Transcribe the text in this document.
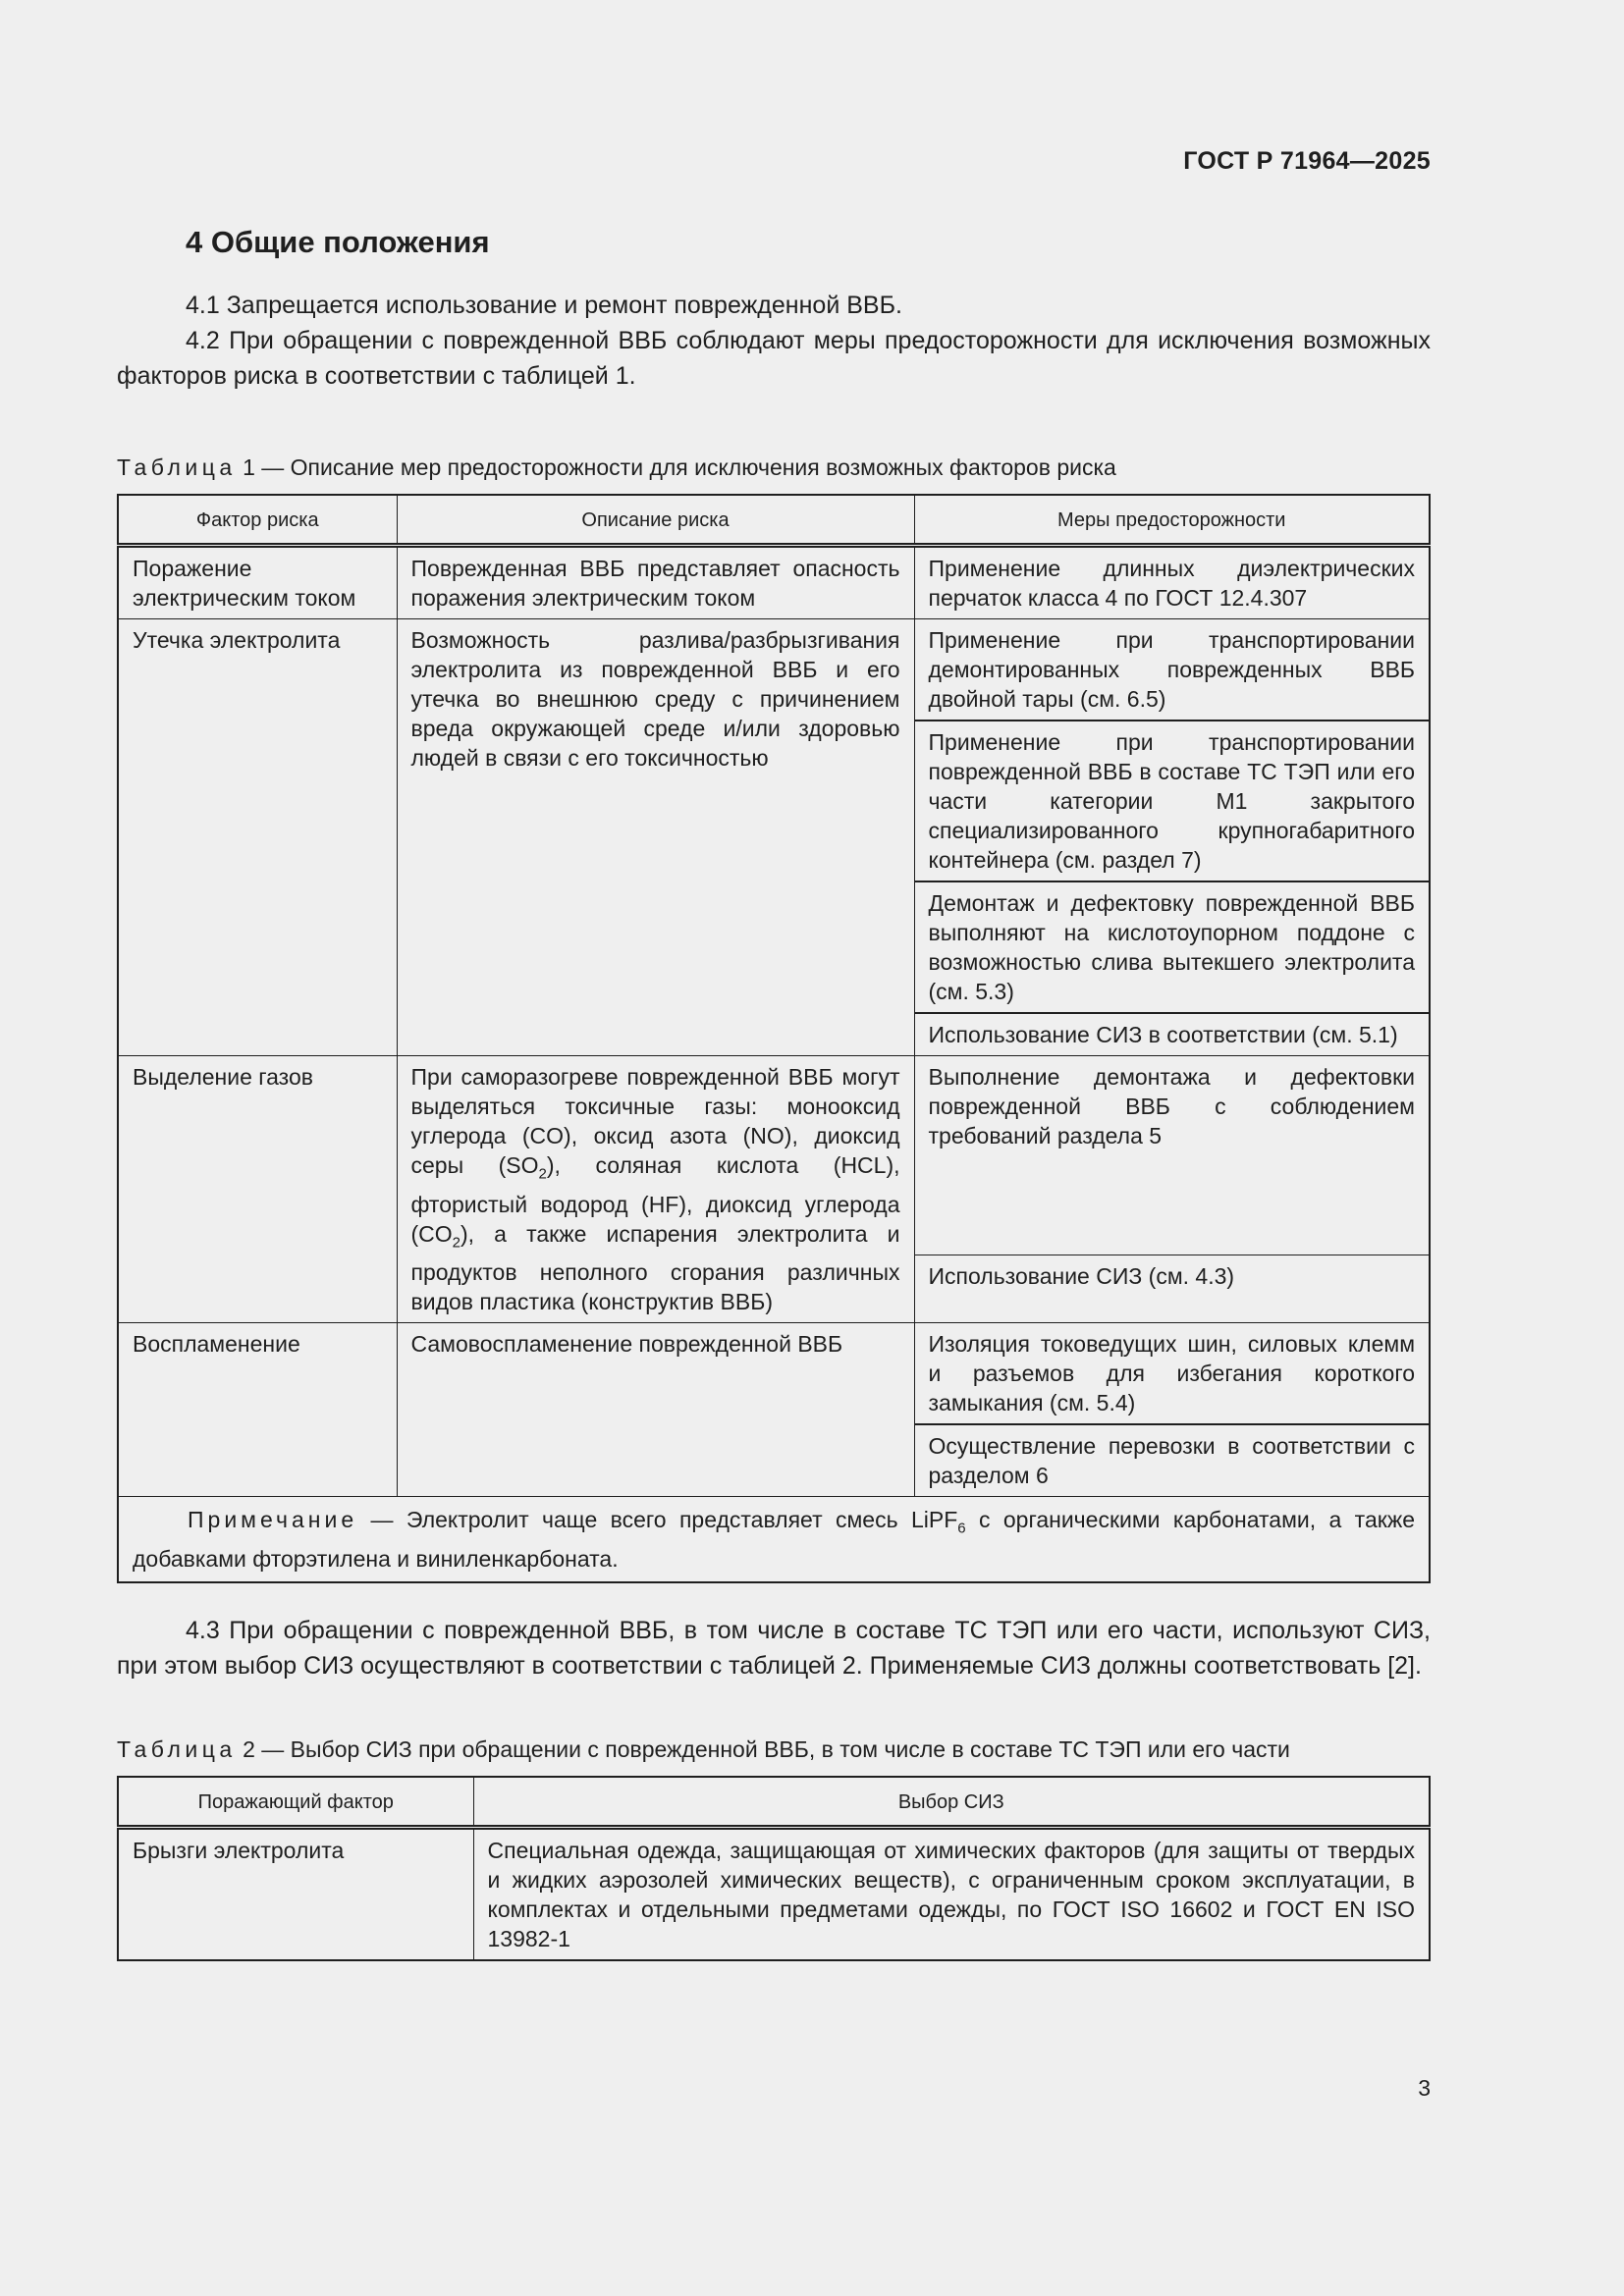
ГОСТ Р 71964—2025
4 Общие положения

4.1 Запрещается использование и ремонт поврежденной ВВБ.

4.2 При обращении с поврежденной ВВБ соблюдают меры предосторожности для исключения возможных факторов риска в соответствии с таблицей 1.

Таблица 1 — Описание мер предосторожности для исключения возможных факторов риска
Фактор риска	Описание риска	Меры предосторожности
Поражение электрическим током	Поврежденная ВВБ представляет опасность поражения электрическим током	Применение длинных диэлектрических перчаток класса 4 по ГОСТ 12.4.307
Утечка электролита	Возможность разлива/разбрызгивания электролита из поврежденной ВВБ и его утечка во внешнюю среду с причинением вреда окружающей среде и/или здоровью людей в связи с его токсичностью	Применение при транспортировании демонтированных поврежденных ВВБ двойной тары (см. 6.5)
		Применение при транспортировании поврежденной ВВБ в составе ТС ТЭП или его части категории М1 закрытого специализированного крупногабаритного контейнера (см. раздел 7)
		Демонтаж и дефектовку поврежденной ВВБ выполняют на кислотоупорном поддоне с возможностью слива вытекшего электролита (см. 5.3)
		Использование СИЗ в соответствии (см. 5.1)
Выделение газов	При саморазогреве поврежденной ВВБ могут выделяться токсичные газы: монооксид углерода (CO), оксид азота (NO), диоксид серы $(SO_2)$, соляная кислота (HCL), фтористый водород (HF), диоксид углерода $(CO_2)$, а также испарения электролита и продуктов неполного сгорания различных видов пластика (конструктив ВВБ)	Выполнение демонтажа и дефектовки поврежденной ВВБ с соблюдением требований раздела 5
		Использование СИЗ (см. 4.3)
Воспламенение	Самовоспламенение поврежденной ВВБ	Изоляция токоведущих шин, силовых клемм и разъемов для избегания короткого замыкания (см. 5.4)
		Осуществление перевозки в соответствии с разделом 6
Примечание — Электролит чаще всего представляет смесь LiPF$_6$ с органическими карбонатами, а также добавками фторэтилена и виниленкарбоната.		

4.3 При обращении с поврежденной ВВБ, в том числе в составе ТС ТЭП или его части, используют СИЗ, при этом выбор СИЗ осуществляют в соответствии с таблицей 2. Применяемые СИЗ должны соответствовать [2].

Таблица 2 — Выбор СИЗ при обращении с поврежденной ВВБ, в том числе в составе ТС ТЭП или его части
Поражающий фактор	Выбор СИЗ
Брызги электролита	Специальная одежда, защищающая от химических факторов (для защиты от твердых и жидких аэрозолей химических веществ), с ограниченным сроком эксплуатации, в комплектах и отдельными предметами одежды, по ГОСТ ISO 16602 и ГОСТ EN ISO 13982-1
3
